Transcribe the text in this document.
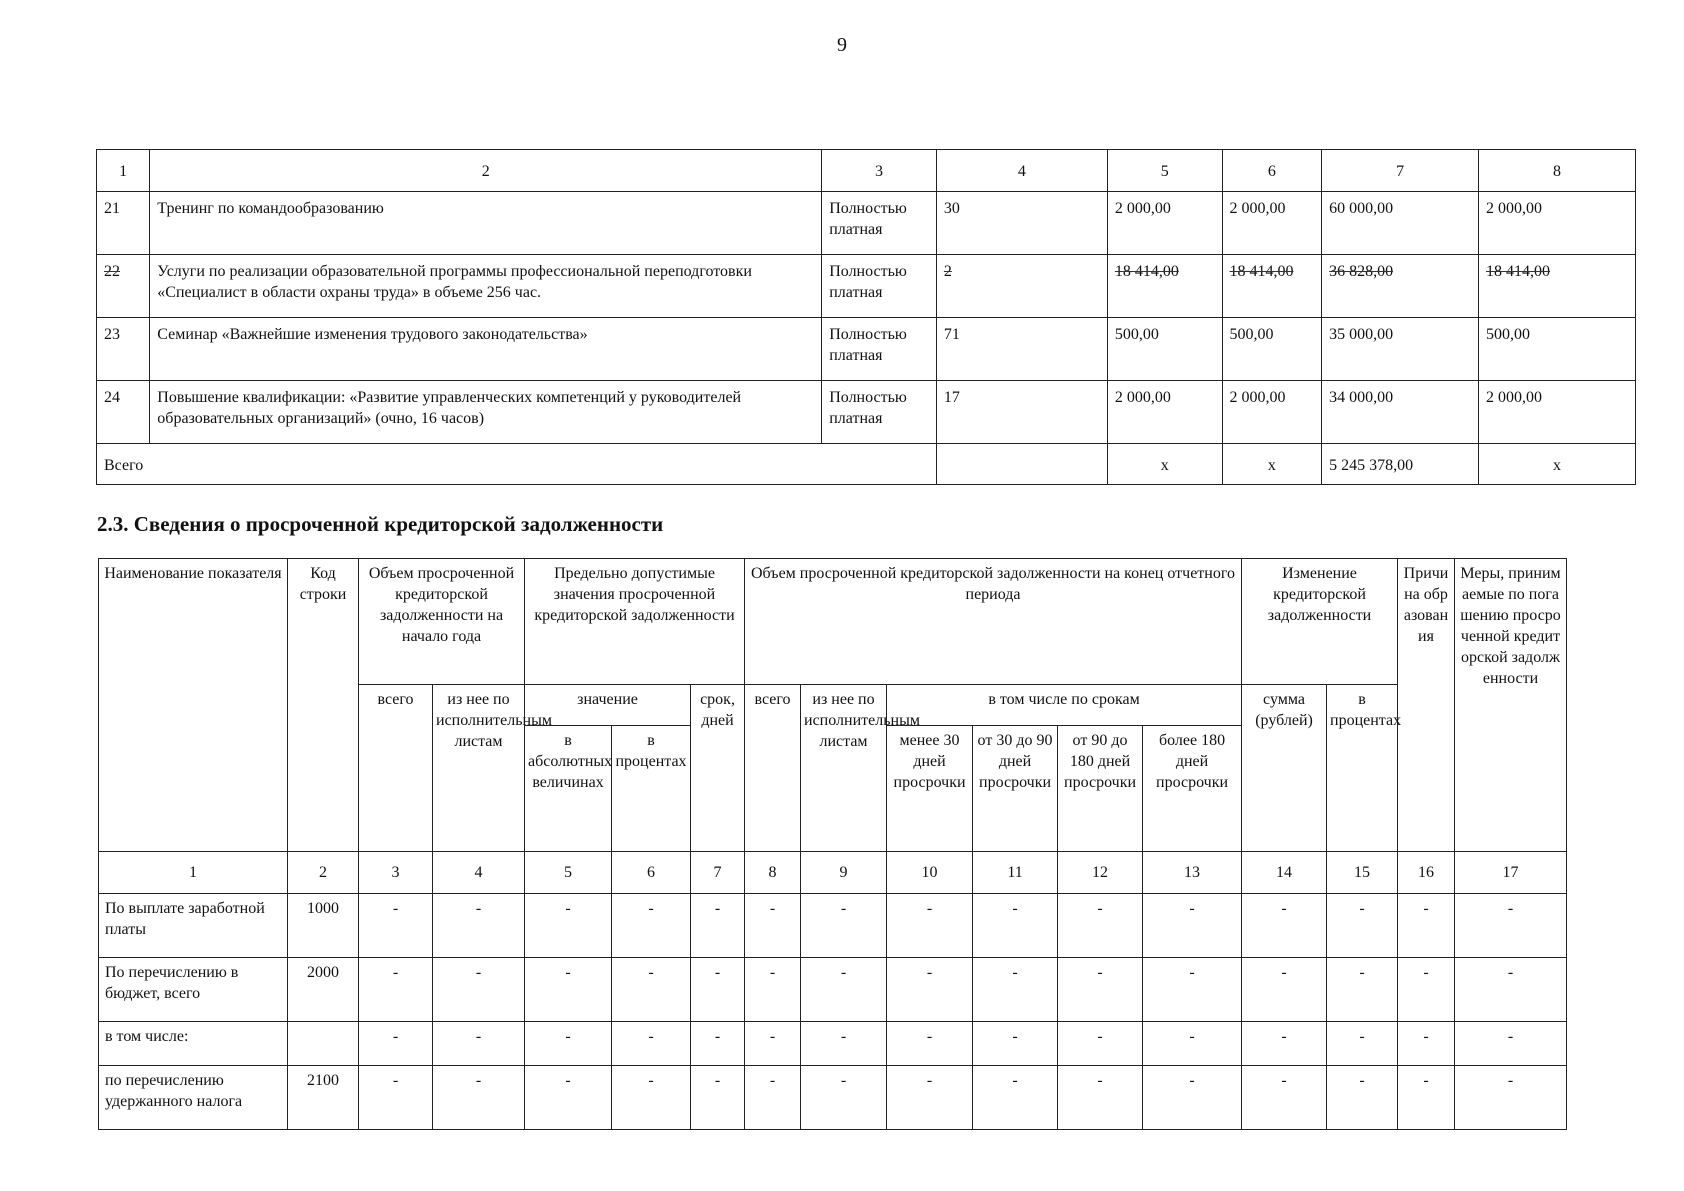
9
1	2	3	4	5	6	7	8
21	Тренинг по командообразованию	Полностью платная	30	2 000,00	2 000,00	60 000,00	2 000,00
22	Услуги по реализации образовательной программы профессиональной переподготовки «Специалист в области охраны труда» в объеме 256 час.	Полностью платная	2	18 414,00	18 414,00	36 828,00	18 414,00
23	Семинар «Важнейшие изменения трудового законодательства»	Полностью платная	71	500,00	500,00	35 000,00	500,00
24	Повышение квалификации: «Развитие управленческих компетенций у руководителей образовательных организаций» (очно, 16 часов)	Полностью платная	17	2 000,00	2 000,00	34 000,00	2 000,00
Всего				x	x	5 245 378,00	x
2.3. Сведения о просроченной кредиторской задолженности
Наименование показателя	Код строки	Объем просроченной кредиторской задолженности на начало года		Предельно допустимые значения просроченной кредиторской задолженности			Объем просроченной кредиторской задолженности на конец отчетного периода						Изменение кредиторской задолженности		Причина образования	Меры, принимаемые по погашению просроченной кредиторской задолженности
		всего	из нее по исполнительным листам	значение		срок, дней	всего	из нее по исполнительным листам	в том числе по срокам				сумма (рублей)	в процентах		
				в абсолютных величинах	в процентах				менее 30 дней просрочки	от 30 до 90 дней просрочки	от 90 до 180 дней просрочки	более 180 дней просрочки				
1	2	3	4	5	6	7	8	9	10	11	12	13	14	15	16	17
По выплате заработной платы	1000	-	-	-	-	-	-	-	-	-	-	-	-	-	-	-
По перечислению в бюджет, всего	2000	-	-	-	-	-	-	-	-	-	-	-	-	-	-	-
в том числе:		-	-	-	-	-	-	-	-	-	-	-	-	-	-	-
по перечислению удержанного налога	2100	-	-	-	-	-	-	-	-	-	-	-	-	-	-	-
